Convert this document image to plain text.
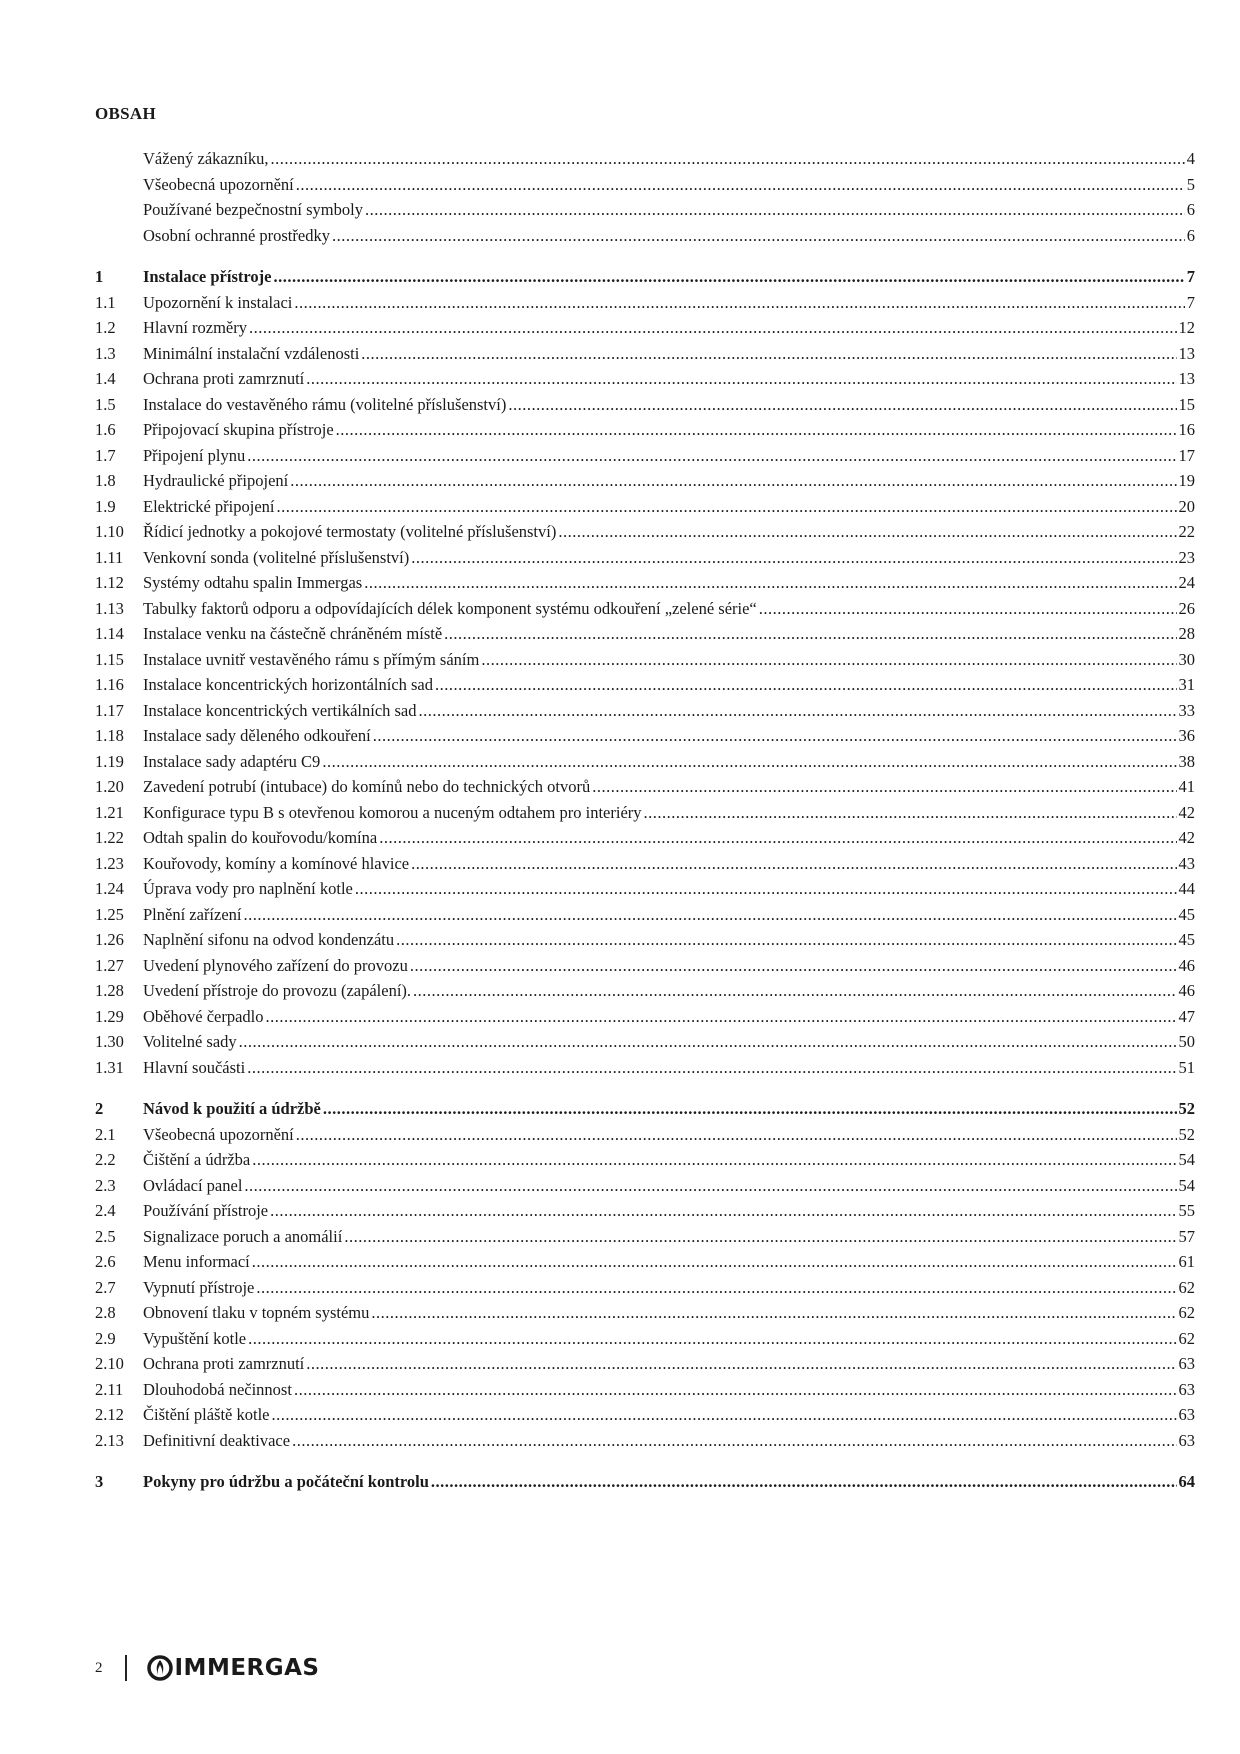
OBSAH
Vážený zákazníku, .....	4
Všeobecná upozornění .....	5
Používané bezpečnostní symboly .....	6
Osobní ochranné prostředky .....	6
1	Instalace přístroje .....	7
1.1	Upozornění k instalaci .....	7
1.2	Hlavní rozměry .....	12
1.3	Minimální instalační vzdálenosti .....	13
1.4	Ochrana proti zamrznutí .....	13
1.5	Instalace do vestavěného rámu (volitelné příslušenství) .....	15
1.6	Připojovací skupina přístroje .....	16
1.7	Připojení plynu .....	17
1.8	Hydraulické připojení .....	19
1.9	Elektrické připojení .....	20
1.10	Řídicí jednotky a pokojové termostaty (volitelné příslušenství) .....	22
1.11	Venkovní sonda (volitelné příslušenství) .....	23
1.12	Systémy odtahu spalin Immergas .....	24
1.13	Tabulky faktorů odporu a odpovídajících délek komponent systému odkouření „zelené série“ .....	26
1.14	Instalace venku na částečně chráněném místě .....	28
1.15	Instalace uvnitř vestavěného rámu s přímým sáním .....	30
1.16	Instalace koncentrických horizontálních sad .....	31
1.17	Instalace koncentrických vertikálních sad .....	33
1.18	Instalace sady děleného odkouření .....	36
1.19	Instalace sady adaptéru C9 .....	38
1.20	Zavedení potrubí (intubace) do komínů nebo do technických otvorů .....	41
1.21	Konfigurace typu B s otevřenou komorou a nuceným odtahem pro interiéry .....	42
1.22	Odtah spalin do kouřovodu/komína .....	42
1.23	Kouřovody, komíny a komínové hlavice .....	43
1.24	Úprava vody pro naplnění kotle .....	44
1.25	Plnění zařízení .....	45
1.26	Naplnění sifonu na odvod kondenzátu .....	45
1.27	Uvedení plynového zařízení do provozu .....	46
1.28	Uvedení přístroje do provozu (zapálení). .....	46
1.29	Oběhové čerpadlo .....	47
1.30	Volitelné sady .....	50
1.31	Hlavní součásti .....	51
2	Návod k použití a údržbě .....	52
2.1	Všeobecná upozornění .....	52
2.2	Čištění a údržba .....	54
2.3	Ovládací panel .....	54
2.4	Používání přístroje .....	55
2.5	Signalizace poruch a anomálií .....	57
2.6	Menu informací .....	61
2.7	Vypnutí přístroje .....	62
2.8	Obnovení tlaku v topném systému .....	62
2.9	Vypuštění kotle .....	62
2.10	Ochrana proti zamrznutí .....	63
2.11	Dlouhodobá nečinnost .....	63
2.12	Čištění pláště kotle .....	63
2.13	Definitivní deaktivace .....	63
3	Pokyny pro údržbu a počáteční kontrolu .....	64
2	IMMERGAS
